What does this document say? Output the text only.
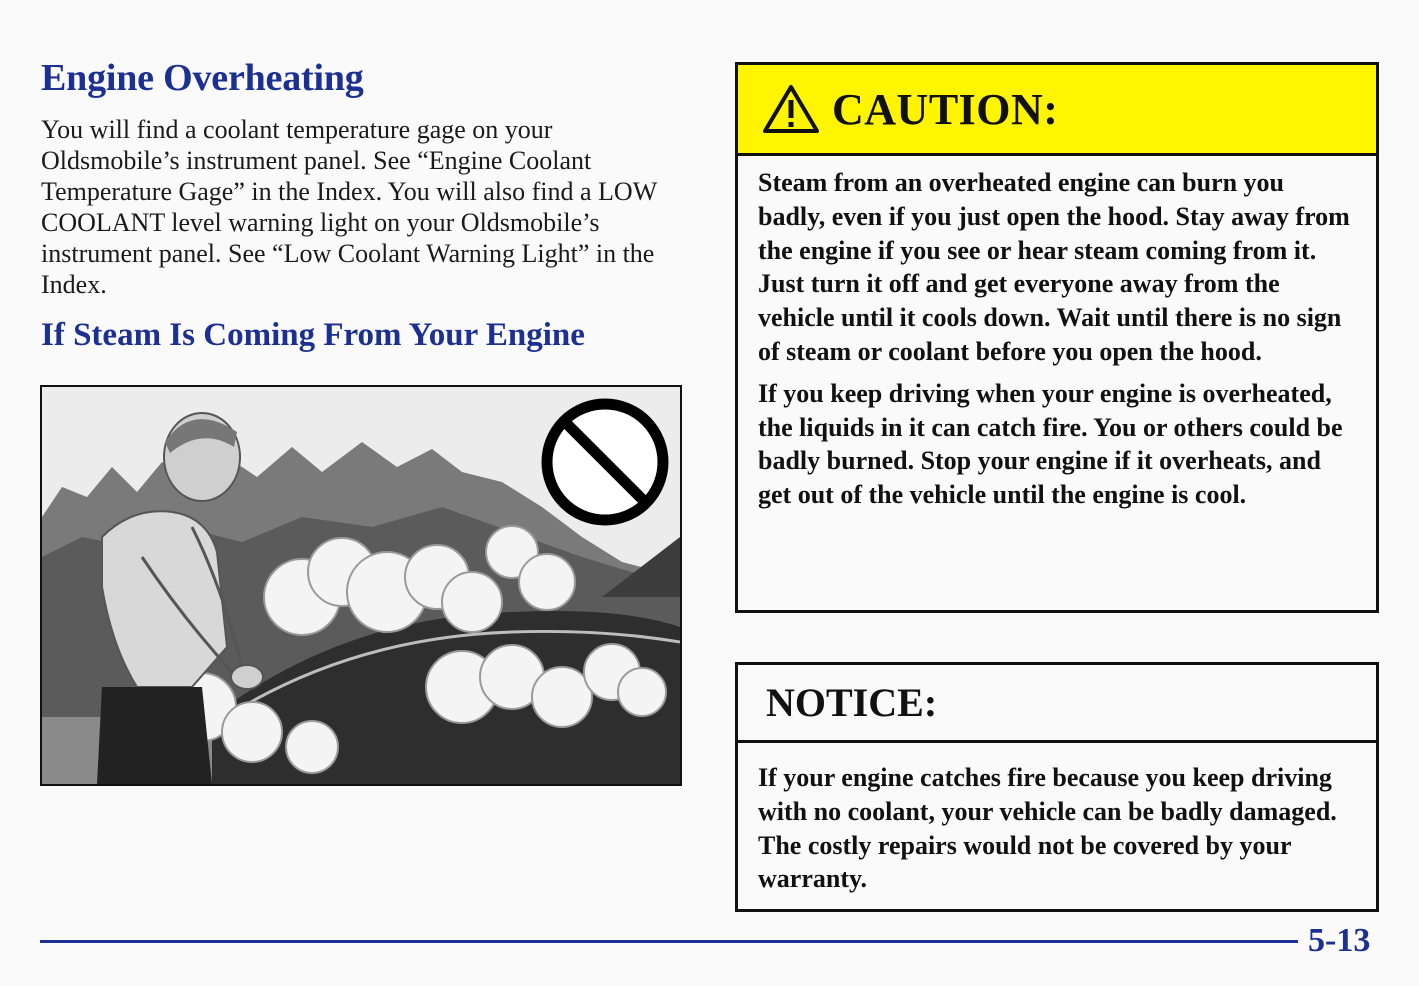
Engine Overheating

You will find a coolant temperature gage on your Oldsmobile’s instrument panel. See “Engine Coolant Temperature Gage” in the Index. You will also find a LOW COOLANT level warning light on your Oldsmobile’s instrument panel. See “Low Coolant Warning Light” in the Index.

If Steam Is Coming From Your Engine
CAUTION:

Steam from an overheated engine can burn you badly, even if you just open the hood. Stay away from the engine if you see or hear steam coming from it. Just turn it off and get everyone away from the vehicle until it cools down. Wait until there is no sign of steam or coolant before you open the hood.

If you keep driving when your engine is overheated, the liquids in it can catch fire. You or others could be badly burned. Stop your engine if it overheats, and get out of the vehicle until the engine is cool.

NOTICE:

If your engine catches fire because you keep driving with no coolant, your vehicle can be badly damaged. The costly repairs would not be covered by your warranty.

5-13
